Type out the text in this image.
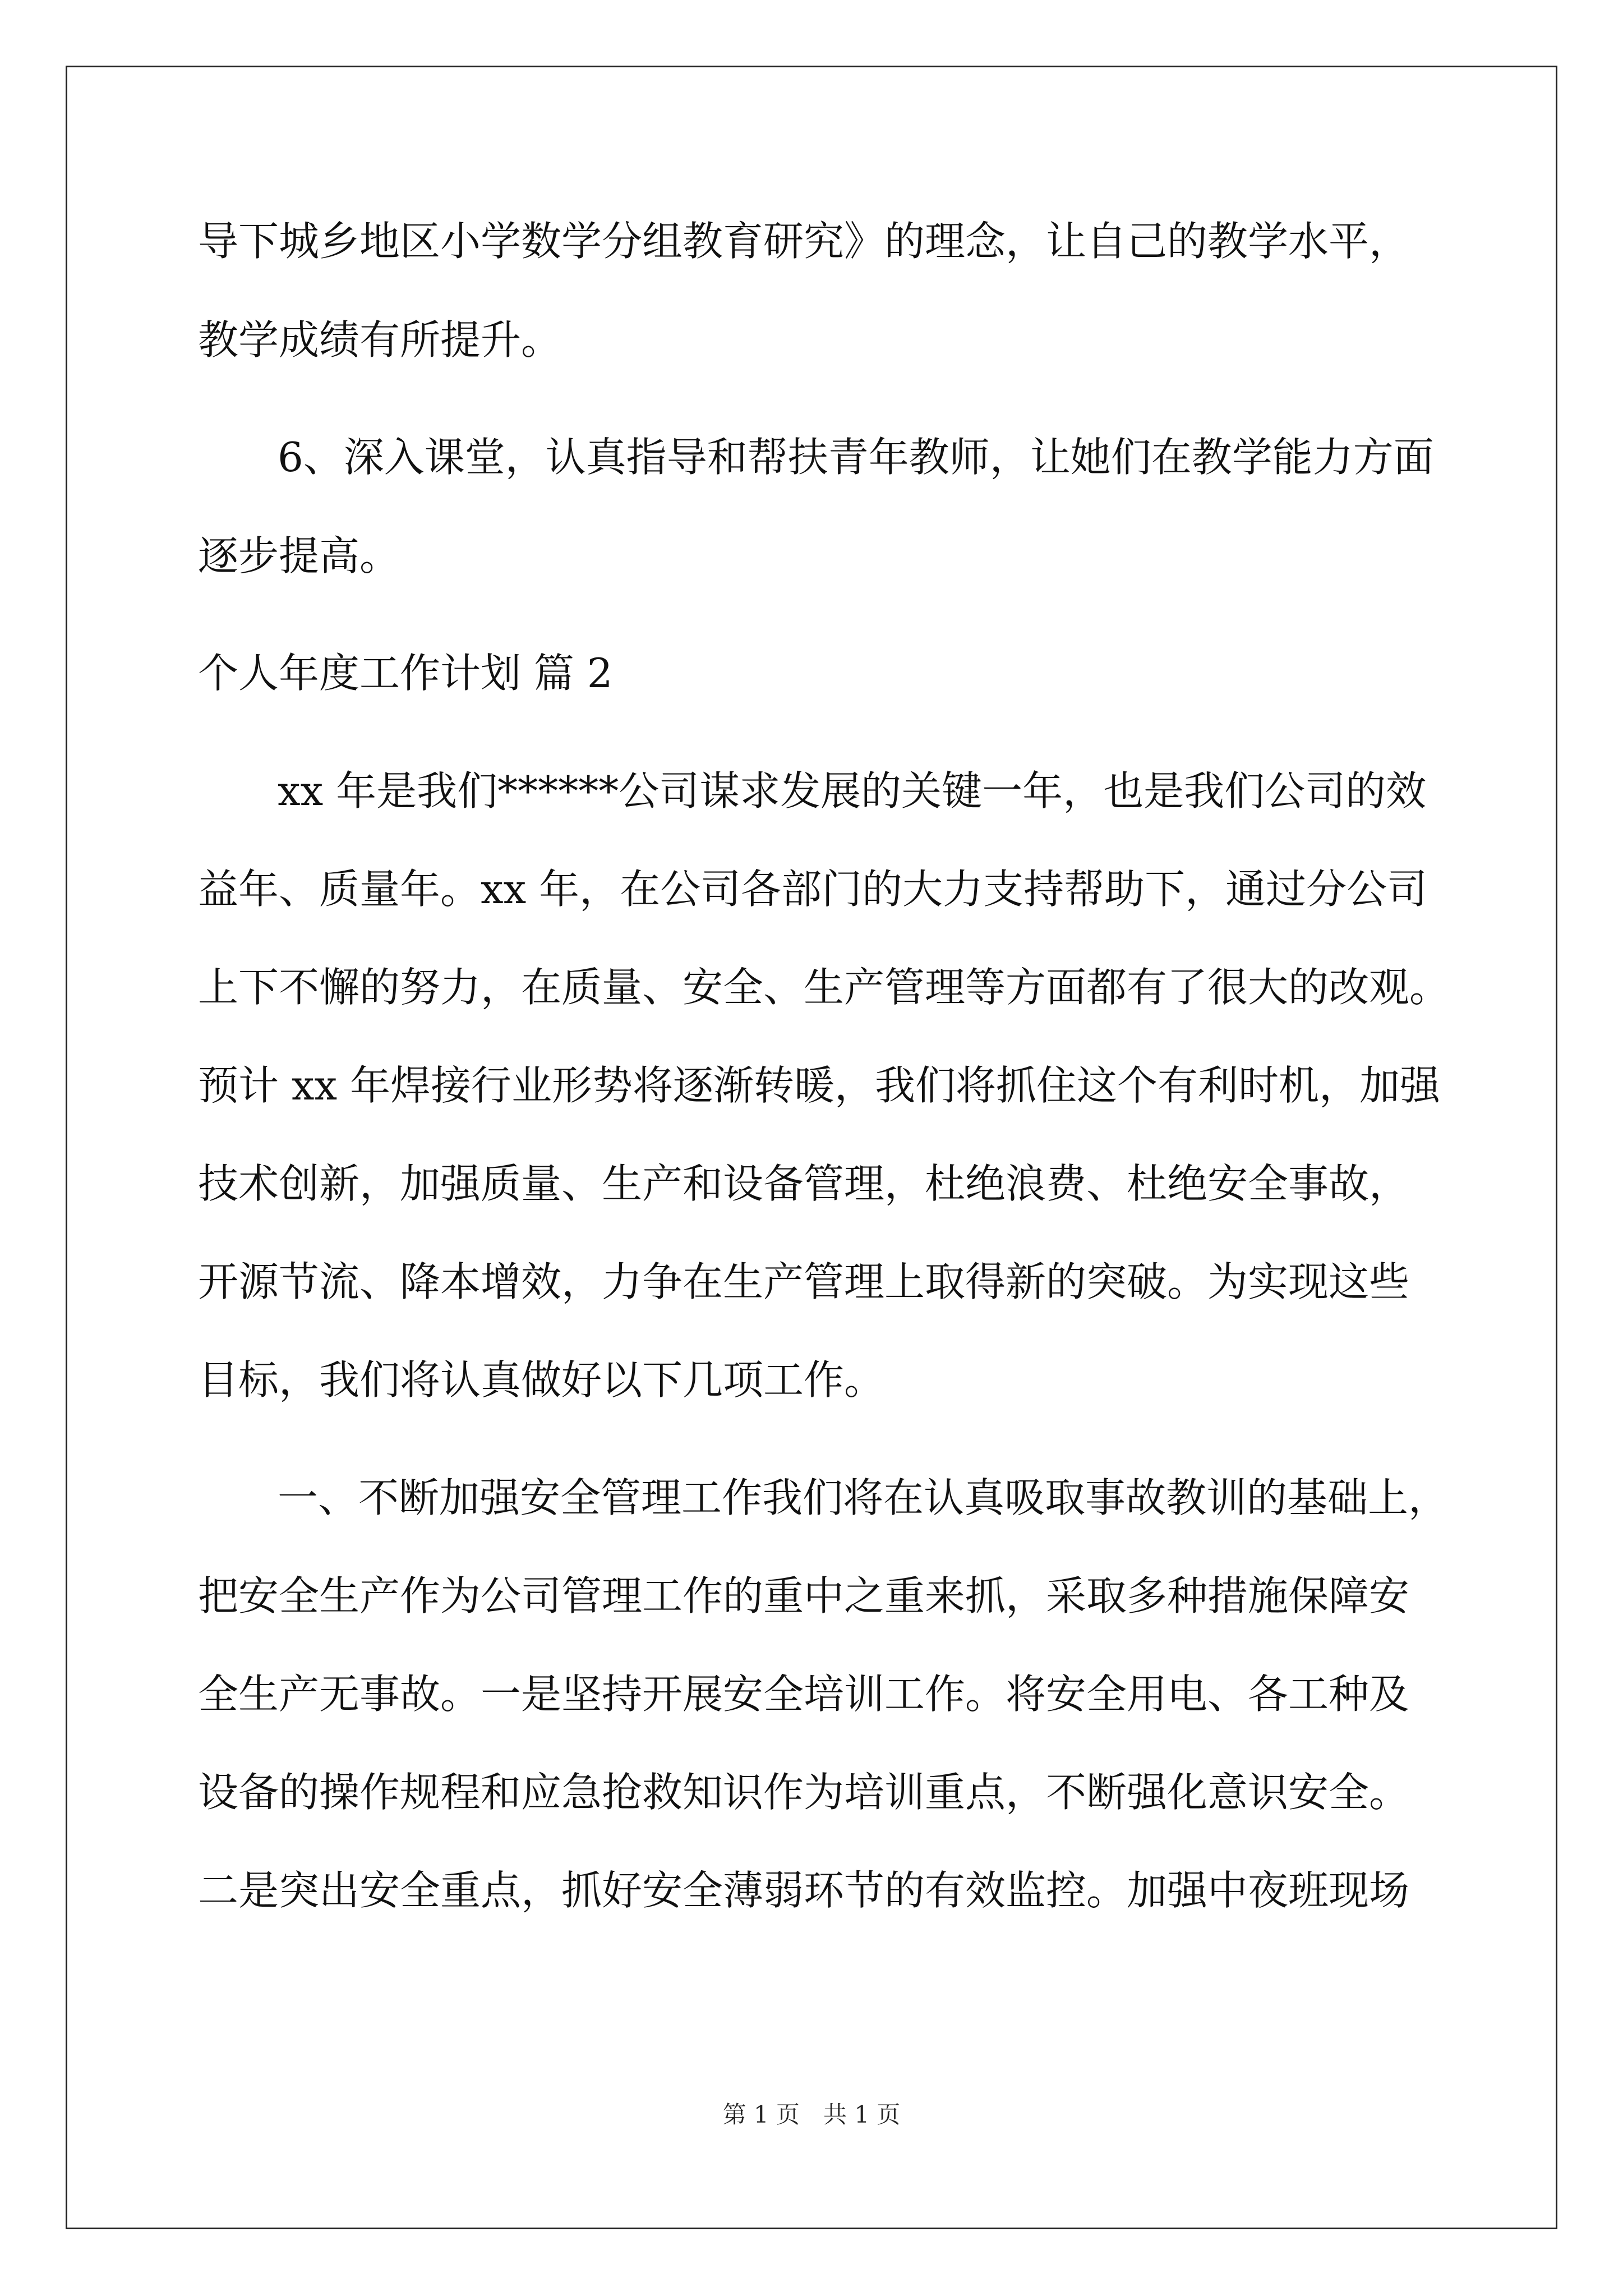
导下城乡地区小学数学分组教育研究》的理念，让自己的教学水平，
教学成绩有所提升。
6、深入课堂，认真指导和帮扶青年教师，让她们在教学能力方面
逐步提高。
个人年度工作计划 篇 2
xx 年是我们******公司谋求发展的关键一年，也是我们公司的效
益年、质量年。xx 年，在公司各部门的大力支持帮助下，通过分公司
上下不懈的努力，在质量、安全、生产管理等方面都有了很大的改观。
预计 xx 年焊接行业形势将逐渐转暖，我们将抓住这个有利时机，加强
技术创新，加强质量、生产和设备管理，杜绝浪费、杜绝安全事故，
开源节流、降本增效，力争在生产管理上取得新的突破。为实现这些
目标，我们将认真做好以下几项工作。
一、不断加强安全管理工作我们将在认真吸取事故教训的基础上，
把安全生产作为公司管理工作的重中之重来抓，采取多种措施保障安
全生产无事故。一是坚持开展安全培训工作。将安全用电、各工种及
设备的操作规程和应急抢救知识作为培训重点，不断强化意识安全。
二是突出安全重点，抓好安全薄弱环节的有效监控。加强中夜班现场
第 1 页　共 1 页
